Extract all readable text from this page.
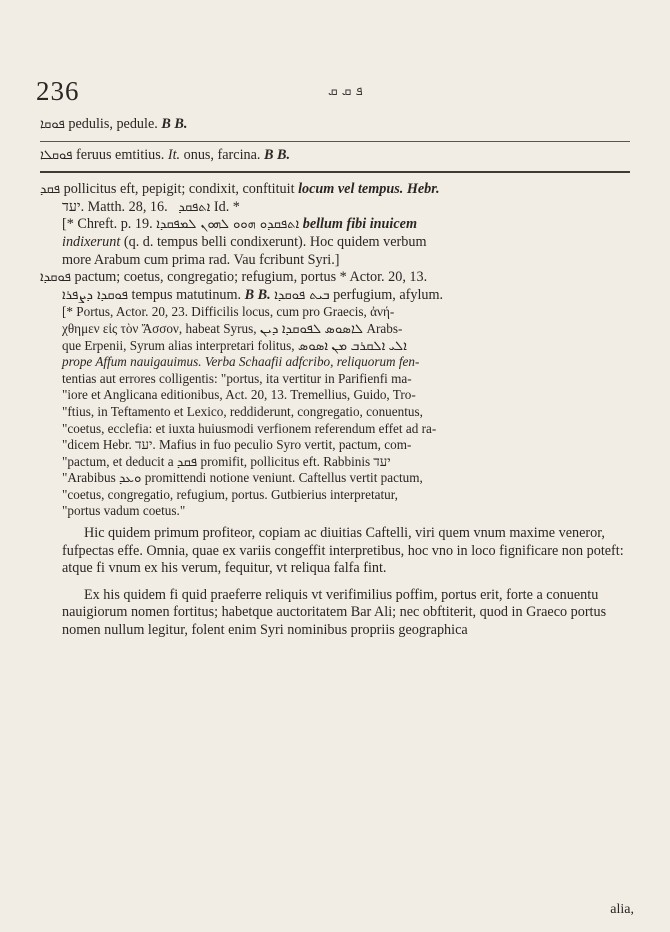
236	ܦ ܩ ܩ

ܦܘܩܐ pedulis, pedule. B B.

ܦܘܩܠܐ feruus emtitius. It. onus, farcina. B B.

ܦܩܕ pollicitus eft, pepigit; condixit, conftituit locum vel tempus. Hebr.

יעד. Matth. 28, 16. ܐܬܦܩܕ Id. *

[* Chreft. p. 19. ܐܬܦܩܕܘ ܗܘܘ ܠܗܘܢ ܠܡܦܩܕܐ bellum fibi inuicem

indixerunt (q. d. tempus belli condixerunt). Hoc quidem verbum

more Arabum cum prima rad. Vau fcribunt Syri.]

ܦܘܩܕܐ pactum; coetus, congregatio; refugium, portus * Actor. 20, 13.

ܦܘܩܕܐ ܕܨܦܪܐ tempus matutinum. B B. ܒܝܬ ܦܘܩܕܐ perfugium, afylum.

[* Portus, Actor. 20, 23. Difficilis locus, cum pro Graecis, ἀνή-
χθημεν εἰς τὸν Ἄσσον, habeat Syrus, ܠܐܣܘܣ ܠܦܘܩܕܐ ܕܝܢ Arabs-
que Erpenii, Syrum alias interpretari folitus, ܐܠܝ ܐܠܩܪܒ ܡܢ ܐܣܘܣ
prope Affum nauigauimus. Verba Schaafii adfcribo, reliquorum fen-
tentias aut errores colligentis: "portus, ita vertitur in Parifienfi ma-
"iore et Anglicana editionibus, Act. 20, 13. Tremellius, Guido, Tro-
"ftius, in Teftamento et Lexico, reddiderunt, congregatio, conuentus,
"coetus, ecclefia: et iuxta huiusmodi verfionem referendum effet ad ra-
"dicem Hebr. יעד. Mafius in fuo peculio Syro vertit, pactum, com-
"pactum, et deducit a ܦܩܕ promifit, pollicitus eft. Rabbinis יעד
"Arabibus ܘܥܕ promittendi notione veniunt. Caftellus vertit pactum,
"coetus, congregatio, refugium, portus. Gutbierius interpretatur,
"portus vadum coetus."

Hic quidem primum profiteor, copiam ac diuitias Caftelli, viri quem vnum maxime veneror, fufpectas effe. Omnia, quae ex variis congeffit interpretibus, hoc vno in loco fignificare non poteft: atque fi vnum ex his verum, fequitur, vt reliqua falfa fint.

Ex his quidem fi quid praeferre reliquis vt verifimilius poffim, portus erit, forte a conuentu nauigiorum nomen fortitus; habetque auctoritatem Bar Ali; nec obftiterit, quod in Graeco portus nomen nullum legitur, folent enim Syri nominibus propriis geographica

alia,
